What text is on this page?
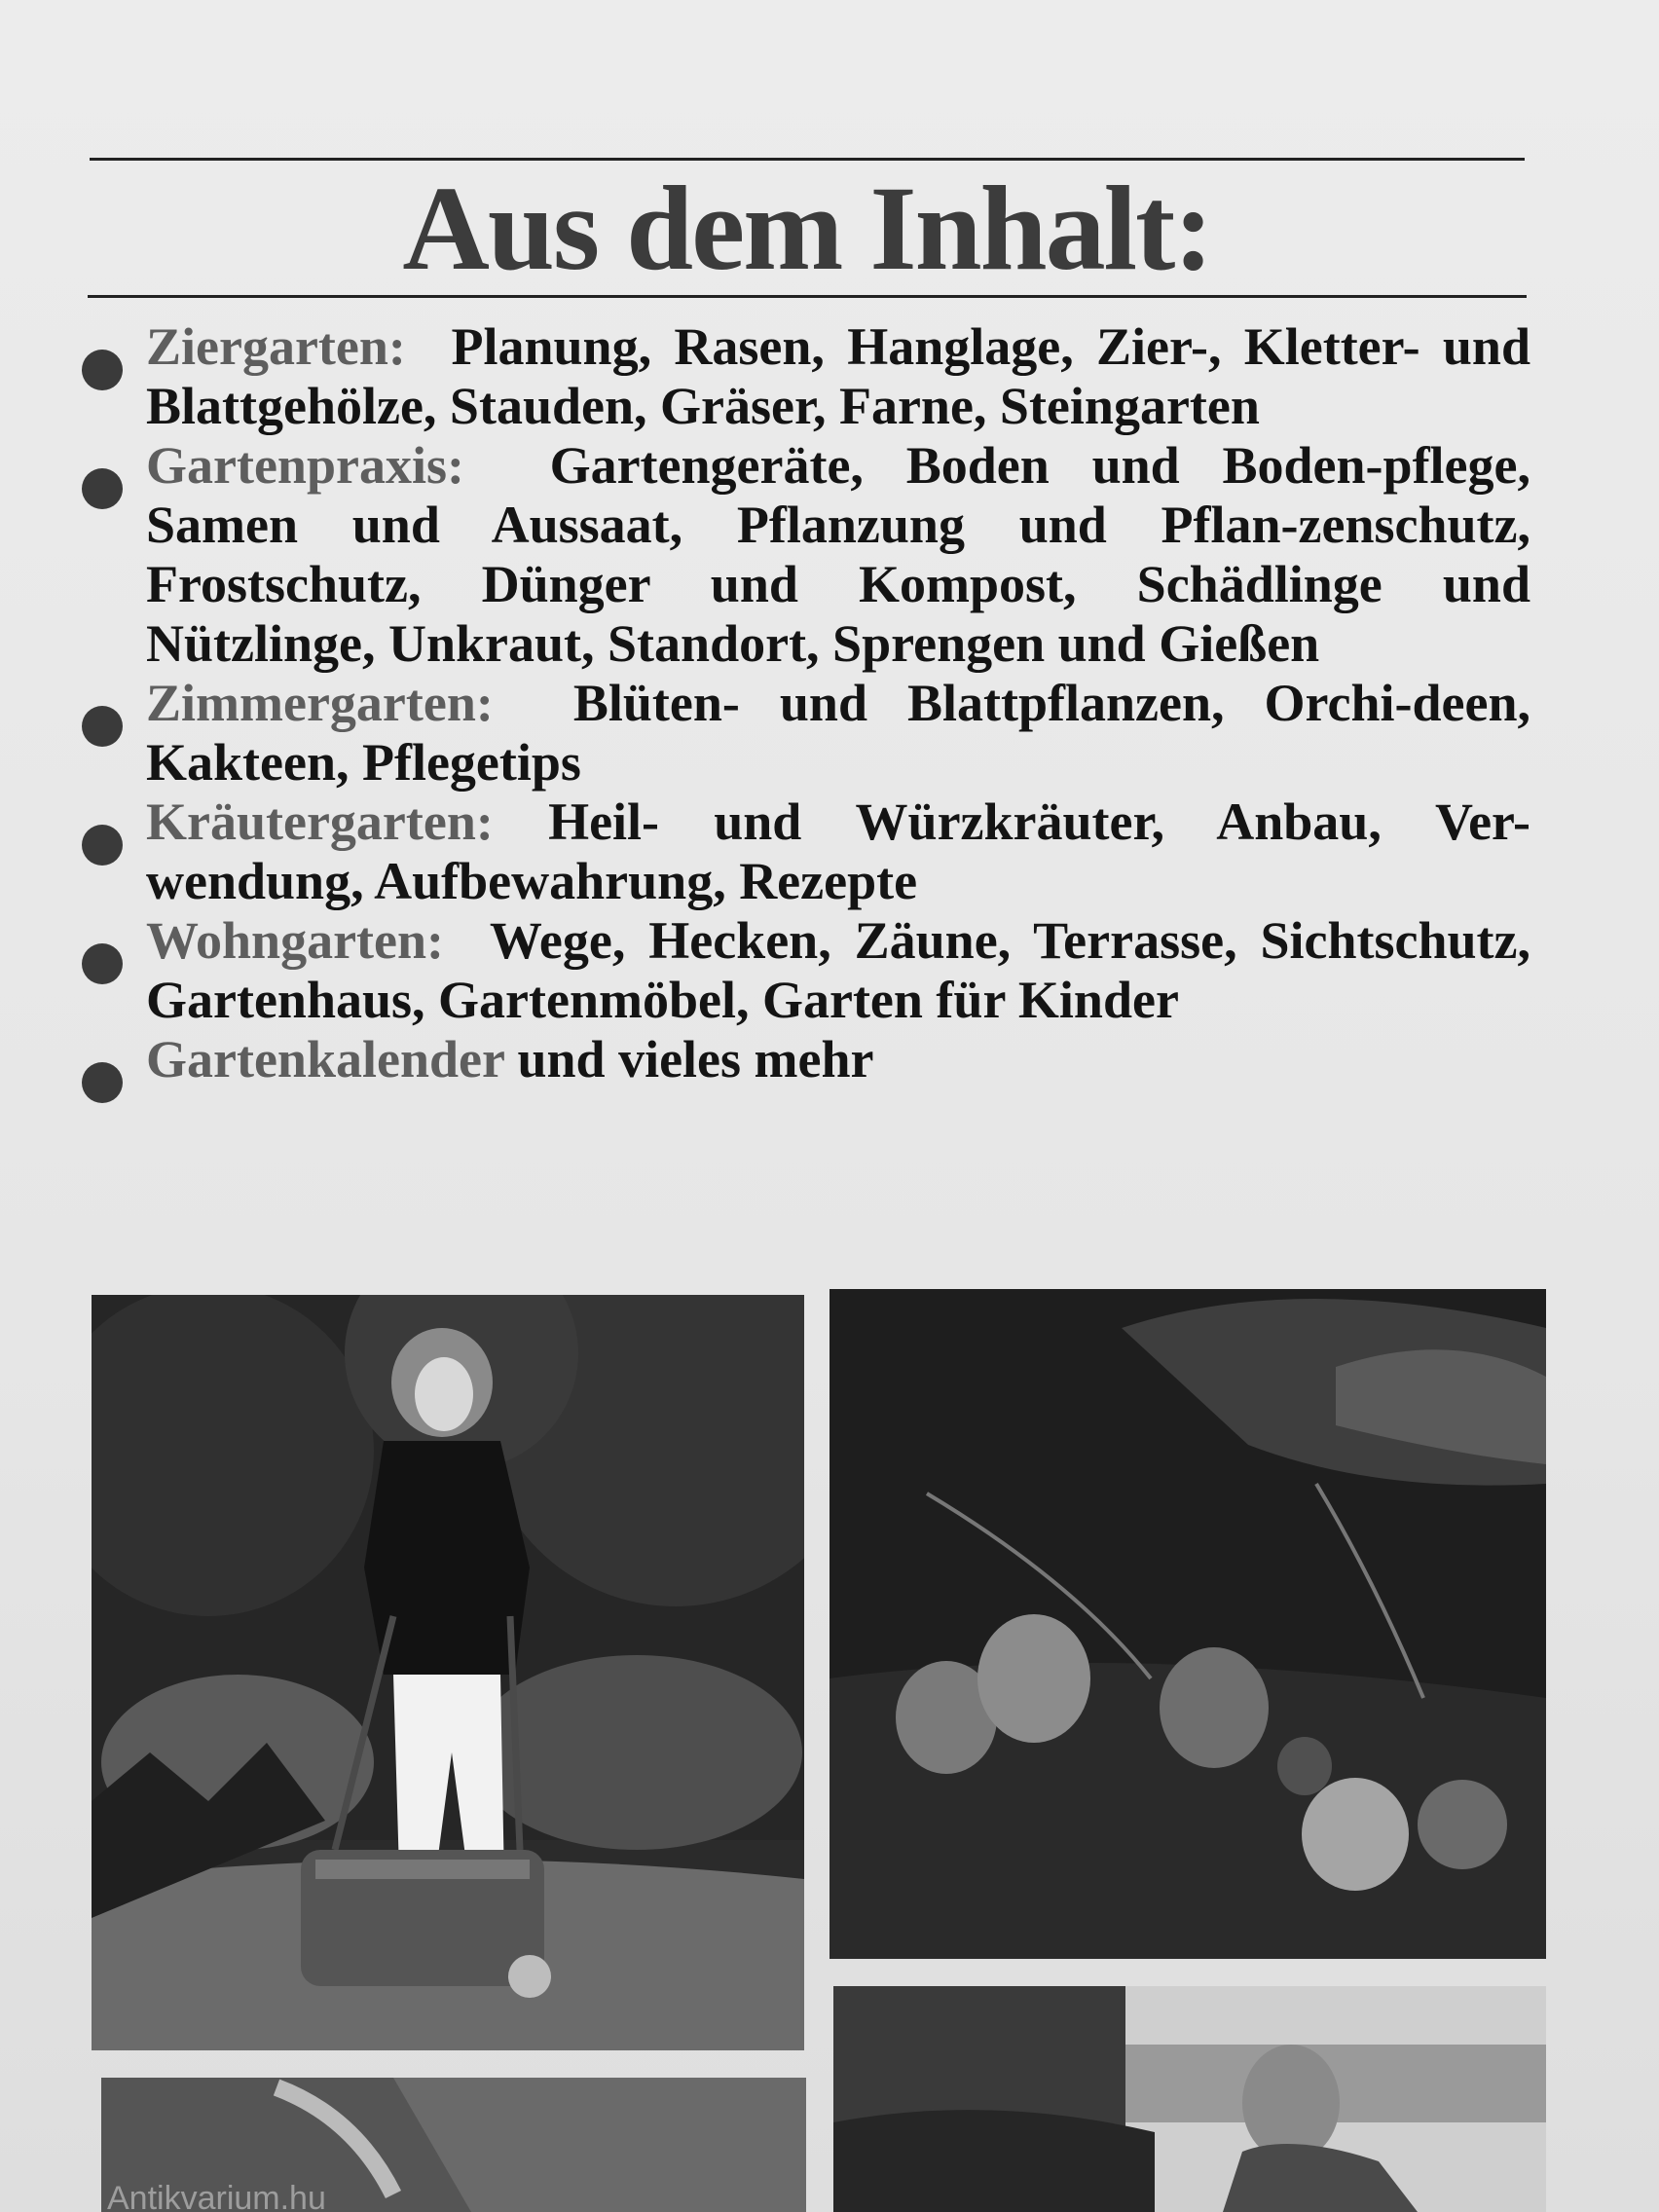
Aus dem Inhalt:

Ziergarten: Planung, Rasen, Hanglage, Zier-, Kletter- und Blattgehölze, Stauden, Gräser, Farne, Steingarten

Gartenpraxis: Gartengeräte, Boden und Boden-pflege, Samen und Aussaat, Pflanzung und Pflan-zenschutz, Frostschutz, Dünger und Kompost, Schädlinge und Nützlinge, Unkraut, Standort, Sprengen und Gießen

Zimmergarten: Blüten- und Blattpflanzen, Orchi-deen, Kakteen, Pflegetips

Kräutergarten: Heil- und Würzkräuter, Anbau, Ver-wendung, Aufbewahrung, Rezepte

Wohngarten: Wege, Hecken, Zäune, Terrasse, Sichtschutz, Gartenhaus, Gartenmöbel, Garten für Kinder

Gartenkalender und vieles mehr

Antikvarium.hu
